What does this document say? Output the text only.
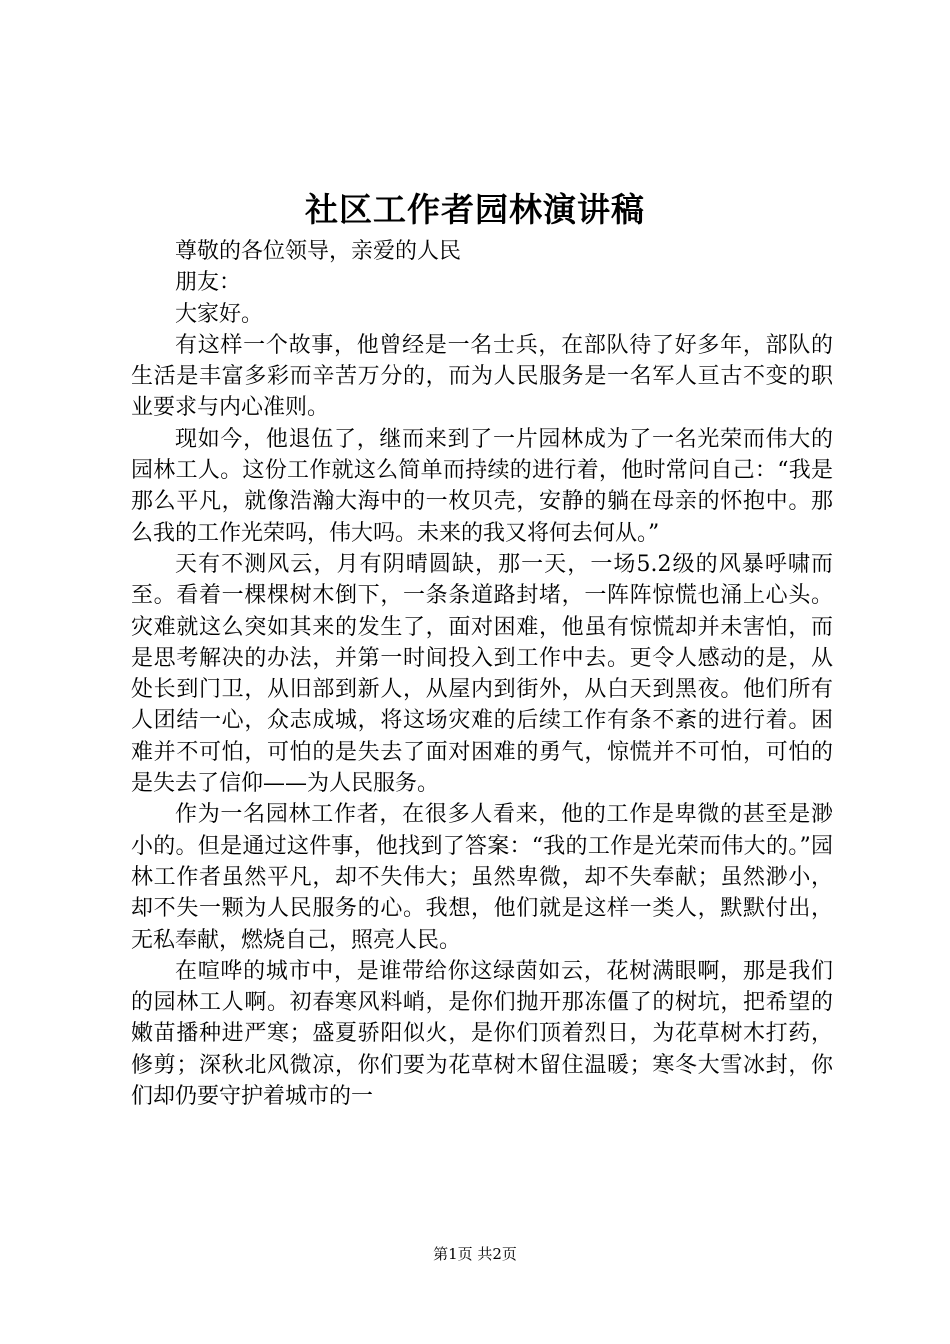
社区工作者园林演讲稿

尊敬的各位领导，亲爱的人民

朋友：

大家好。

有这样一个故事，他曾经是一名士兵，在部队待了好多年，部队的生活是丰富多彩而辛苦万分的，而为人民服务是一名军人亘古不变的职业要求与内心准则。

现如今，他退伍了，继而来到了一片园林成为了一名光荣而伟大的园林工人。这份工作就这么简单而持续的进行着，他时常问自己：“我是那么平凡，就像浩瀚大海中的一枚贝壳，安静的躺在母亲的怀抱中。那么我的工作光荣吗，伟大吗。未来的我又将何去何从。”

天有不测风云，月有阴晴圆缺，那一天，一场5.2级的风暴呼啸而至。看着一棵棵树木倒下，一条条道路封堵，一阵阵惊慌也涌上心头。灾难就这么突如其来的发生了，面对困难，他虽有惊慌却并未害怕，而是思考解决的办法，并第一时间投入到工作中去。更令人感动的是，从处长到门卫，从旧部到新人，从屋内到街外，从白天到黑夜。他们所有人团结一心，众志成城，将这场灾难的后续工作有条不紊的进行着。困难并不可怕，可怕的是失去了面对困难的勇气，惊慌并不可怕，可怕的是失去了信仰——为人民服务。

作为一名园林工作者，在很多人看来，他的工作是卑微的甚至是渺小的。但是通过这件事，他找到了答案：“我的工作是光荣而伟大的。”园林工作者虽然平凡，却不失伟大；虽然卑微，却不失奉献；虽然渺小，却不失一颗为人民服务的心。我想，他们就是这样一类人，默默付出，无私奉献，燃烧自己，照亮人民。

在喧哗的城市中，是谁带给你这绿茵如云，花树满眼啊，那是我们的园林工人啊。初春寒风料峭，是你们抛开那冻僵了的树坑，把希望的嫩苗播种进严寒；盛夏骄阳似火，是你们顶着烈日，为花草树木打药，修剪；深秋北风微凉，你们要为花草树木留住温暖；寒冬大雪冰封，你们却仍要守护着城市的一

第1页 共2页
